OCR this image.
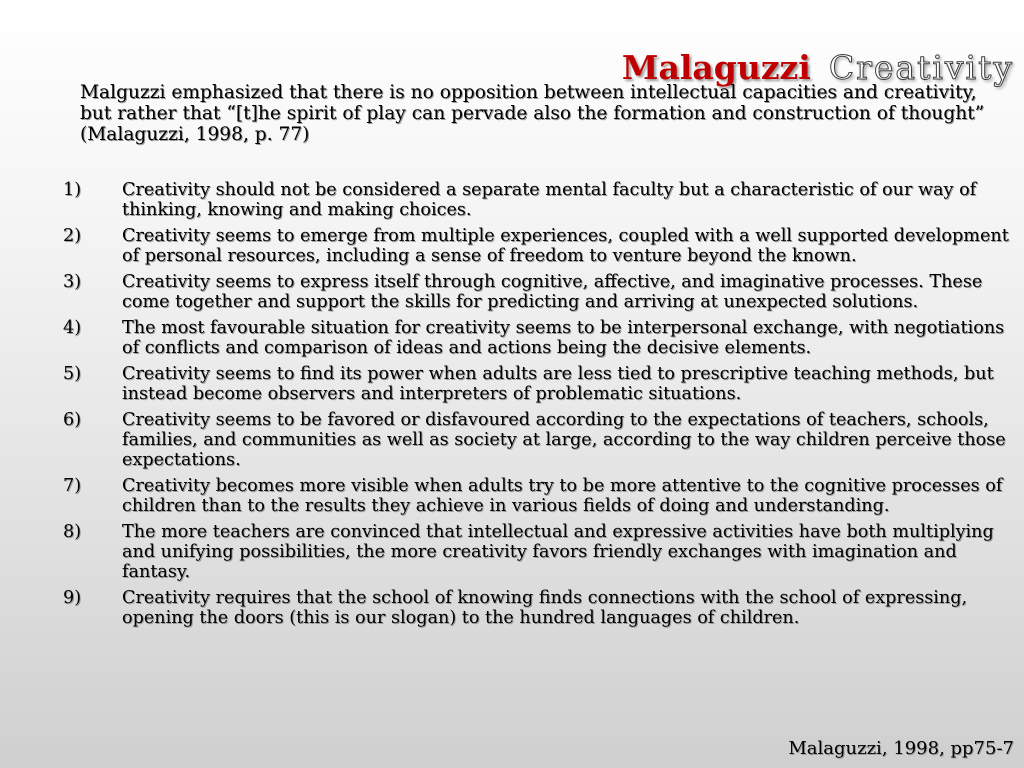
Malaguzzi Creativity

Malguzzi emphasized that there is no opposition between intellectual capacities and creativity, but rather that “[t]he spirit of play can pervade also the formation and construction of thought” (Malaguzzi, 1998, p. 77)

1) Creativity should not be considered a separate mental faculty but a characteristic of our way of thinking, knowing and making choices.
2) Creativity seems to emerge from multiple experiences, coupled with a well supported development of personal resources, including a sense of freedom to venture beyond the known.
3) Creativity seems to express itself through cognitive, affective, and imaginative processes. These come together and support the skills for predicting and arriving at unexpected solutions.
4) The most favourable situation for creativity seems to be interpersonal exchange, with negotiations of conflicts and comparison of ideas and actions being the decisive elements.
5) Creativity seems to find its power when adults are less tied to prescriptive teaching methods, but instead become observers and interpreters of problematic situations.
6) Creativity seems to be favored or disfavoured according to the expectations of teachers, schools, families, and communities as well as society at large, according to the way children perceive those expectations.
7) Creativity becomes more visible when adults try to be more attentive to the cognitive processes of children than to the results they achieve in various fields of doing and understanding.
8) The more teachers are convinced that intellectual and expressive activities have both multiplying and unifying possibilities, the more creativity favors friendly exchanges with imagination and fantasy.
9) Creativity requires that the school of knowing finds connections with the school of expressing, opening the doors (this is our slogan) to the hundred languages of children.
Malaguzzi, 1998, pp75-7
